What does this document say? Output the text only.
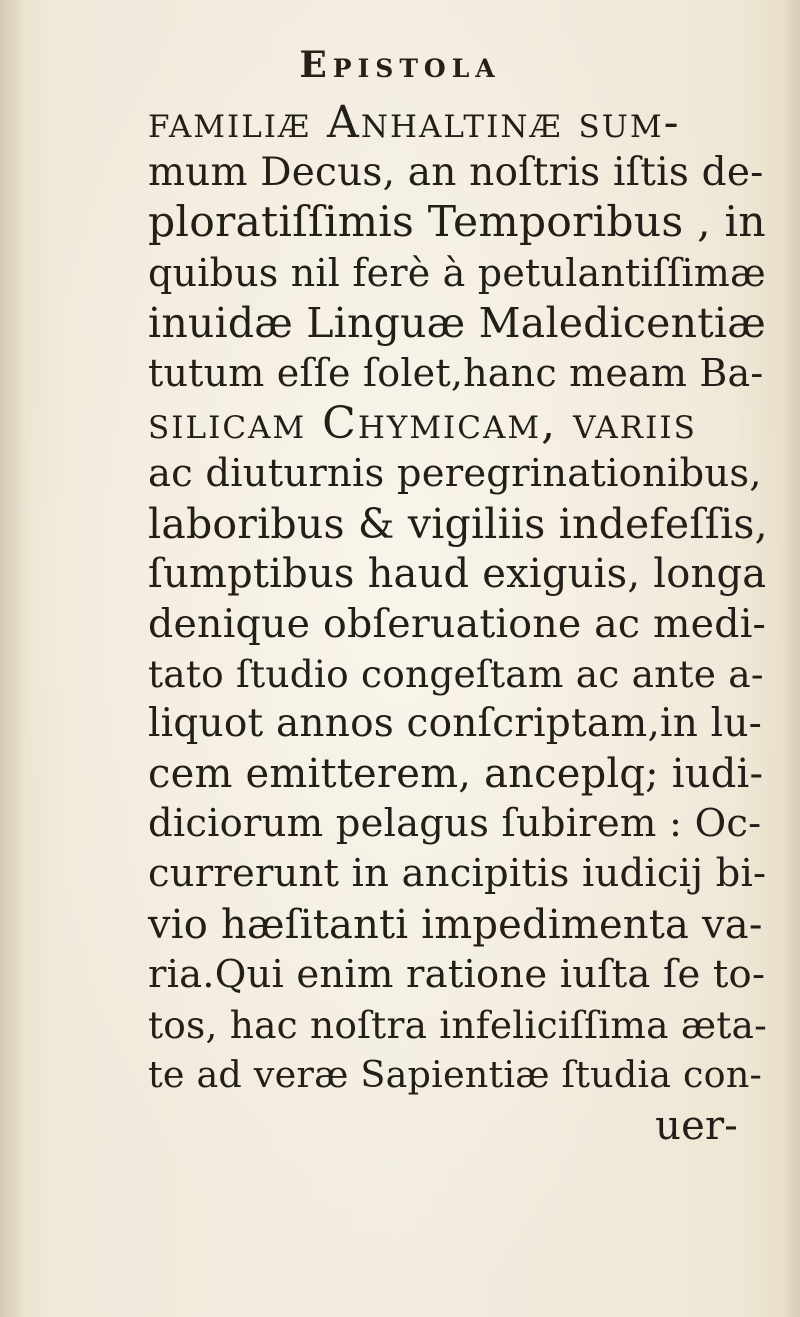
Epistola
familiæ Anhaltinæ ſum-
mum Decus, an noſtris iſtis de-
ploratiſſimis Temporibus , in
quibus nil ferè à petulantiſſimæ
inuidæ Linguæ Maledicentiæ
tutum eſſe ſolet,hanc meam Ba-
silicam Chymicam, variis
ac diuturnis peregrinationibus,
laboribus & vigiliis indefeſſis,
ſumptibus haud exiguis, longa
denique obſeruatione ac medi-
tato ſtudio congeſtam ac ante a-
liquot annos conſcriptam,in lu-
cem emitterem, anceplq; iudi-
diciorum pelagus ſubirem : Oc-
currerunt in ancipitis iudicij bi-
vio hæſitanti impedimenta va-
ria.Qui enim ratione iuſta ſe to-
tos, hac noſtra infeliciſſima æta-
te ad veræ Sapientiæ ſtudia con-
uer-
